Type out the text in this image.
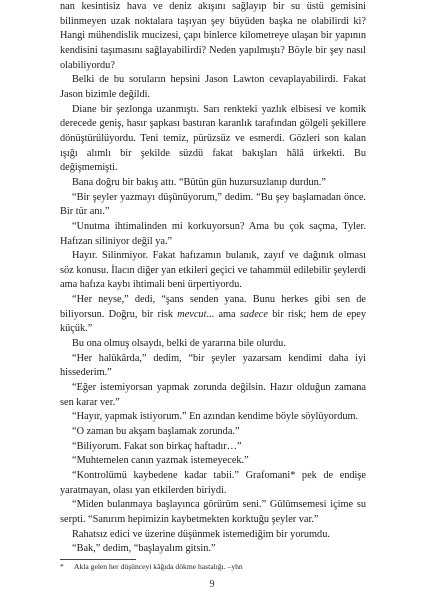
nan kesintisiz hava ve deniz akışını sağlayıp bir su üstü gemisini bilinmeyen uzak noktalara taşıyan şey büyüden başka ne olabilirdi ki? Hangi mühendislik mucizesi, çapı binlerce kilometreye ulaşan bir yapının kendisini taşımasını sağlayabilirdi? Neden yapılmıştı? Böyle bir şey nasıl olabiliyordu?

Belki de bu soruların hepsini Jason Lawton cevaplayabilirdi. Fakat Jason bizimle değildi.

Diane bir şezlonga uzanmıştı. Sarı renkteki yazlık elbisesi ve komik derecede geniş, hasır şapkası bastıran karanlık tarafından gölgeli şekillere dönüştürülüyordu. Teni temiz, pürüzsüz ve esmerdi. Gözleri son kalan ışığı alımlı bir şekilde süzdü fakat bakışları hâlâ ürkekti. Bu değişmemişti.

Bana doğru bir bakış attı. “Bütün gün huzursuzlanıp durdun.”

“Bir şeyler yazmayı düşünüyorum,” dedim. “Bu şey başlamadan önce. Bir tür anı.”

“Unutma ihtimalinden mi korkuyorsun? Ama bu çok saçma, Tyler. Hafızan siliniyor değil ya.”

Hayır. Silinmiyor. Fakat hafızamın bulanık, zayıf ve dağınık olması söz konusu. İlacın diğer yan etkileri geçici ve tahammül edilebilir şeylerdi ama hafıza kaybı ihtimali beni ürpertiyordu.

“Her neyse,” dedi, “şans senden yana. Bunu herkes gibi sen de biliyorsun. Doğru, bir risk mevcut... ama sadece bir risk; hem de epey küçük.”

Bu ona olmuş olsaydı, belki de yararına bile olurdu.

“Her halükârda,” dedim, “bir şeyler yazarsam kendimi daha iyi hissederim.”

“Eğer istemiyorsan yapmak zorunda değilsin. Hazır olduğun zamana sen karar ver.”

“Hayır, yapmak istiyorum.” En azından kendime böyle söylüyordum.

“O zaman bu akşam başlamak zorunda.”

“Biliyorum. Fakat son birkaç haftadır…”

“Muhtemelen canın yazmak istemeyecek.”

“Kontrolümü kaybedene kadar tabii.” Grafomani* pek de endişe yaratmayan, olası yan etkilerden biriydi.

“Miden bulanmaya başlayınca görürüm seni.” Gülümsemesi içime su serpti. “Sanırım hepimizin kaybetmekten korktuğu şeyler var.”

Rahatsız edici ve üzerine düşünmek istemediğim bir yorumdu.

“Bak,” dedim, “başlayalım gitsin.”

* Akla gelen her düşünceyi kâğıda dökme hastalığı. –yhn
9
